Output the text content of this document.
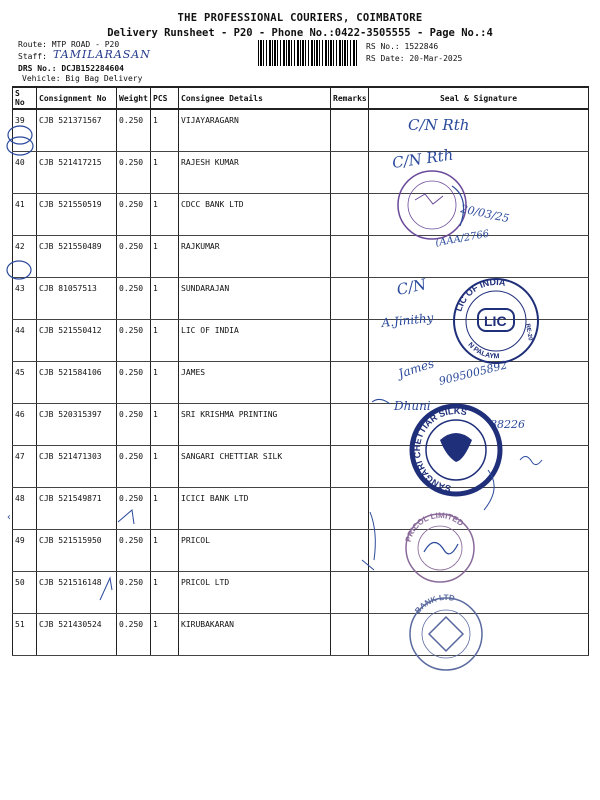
THE PROFESSIONAL COURIERS, COIMBATORE
Delivery Runsheet - P20 - Phone No.:0422-3505555 - Page No.:4
Route: MTP ROAD - P20
Staff: TAMILARASAN
DRS No.: DCJB152284604
Vehicle: Big Bag Delivery
RS No.: 1522846
RS Date: 20-Mar-2025
S No	Consignment No	Weight	PCS	Consignee Details	Remarks	Seal & Signature
39	CJB 521371567	0.250	1	VIJAYARAGARN		
40	CJB 521417215	0.250	1	RAJESH KUMAR		
41	CJB 521550519	0.250	1	CDCC BANK LTD		
42	CJB 521550489	0.250	1	RAJKUMAR		
43	CJB 81057513	0.250	1	SUNDARAJAN		
44	CJB 521550412	0.250	1	LIC OF INDIA		
45	CJB 521584106	0.250	1	JAMES		
46	CJB 520315397	0.250	1	SRI KRISHMA PRINTING		
47	CJB 521471303	0.250	1	SANGARI CHETTIAR SILK		
48	CJB 521549871	0.250	1	ICICI BANK LTD		
49	CJB 521515950	0.250	1	PRICOL		
50	CJB 521516148	0.250	1	PRICOL LTD		
51	CJB 521430524	0.250	1	KIRUBAKARAN		
‹
C/N Rth
C/N Rth
20/03/25
(AAA/2766
C/N
A.Jinithy
James 9095005892
Dhuni
88226
LIC OF INDIA
N PALAYM
RE-20
LIC
SANGARI CHETTIAR SILKS
PRICOL LIMITED
BANK LTD
